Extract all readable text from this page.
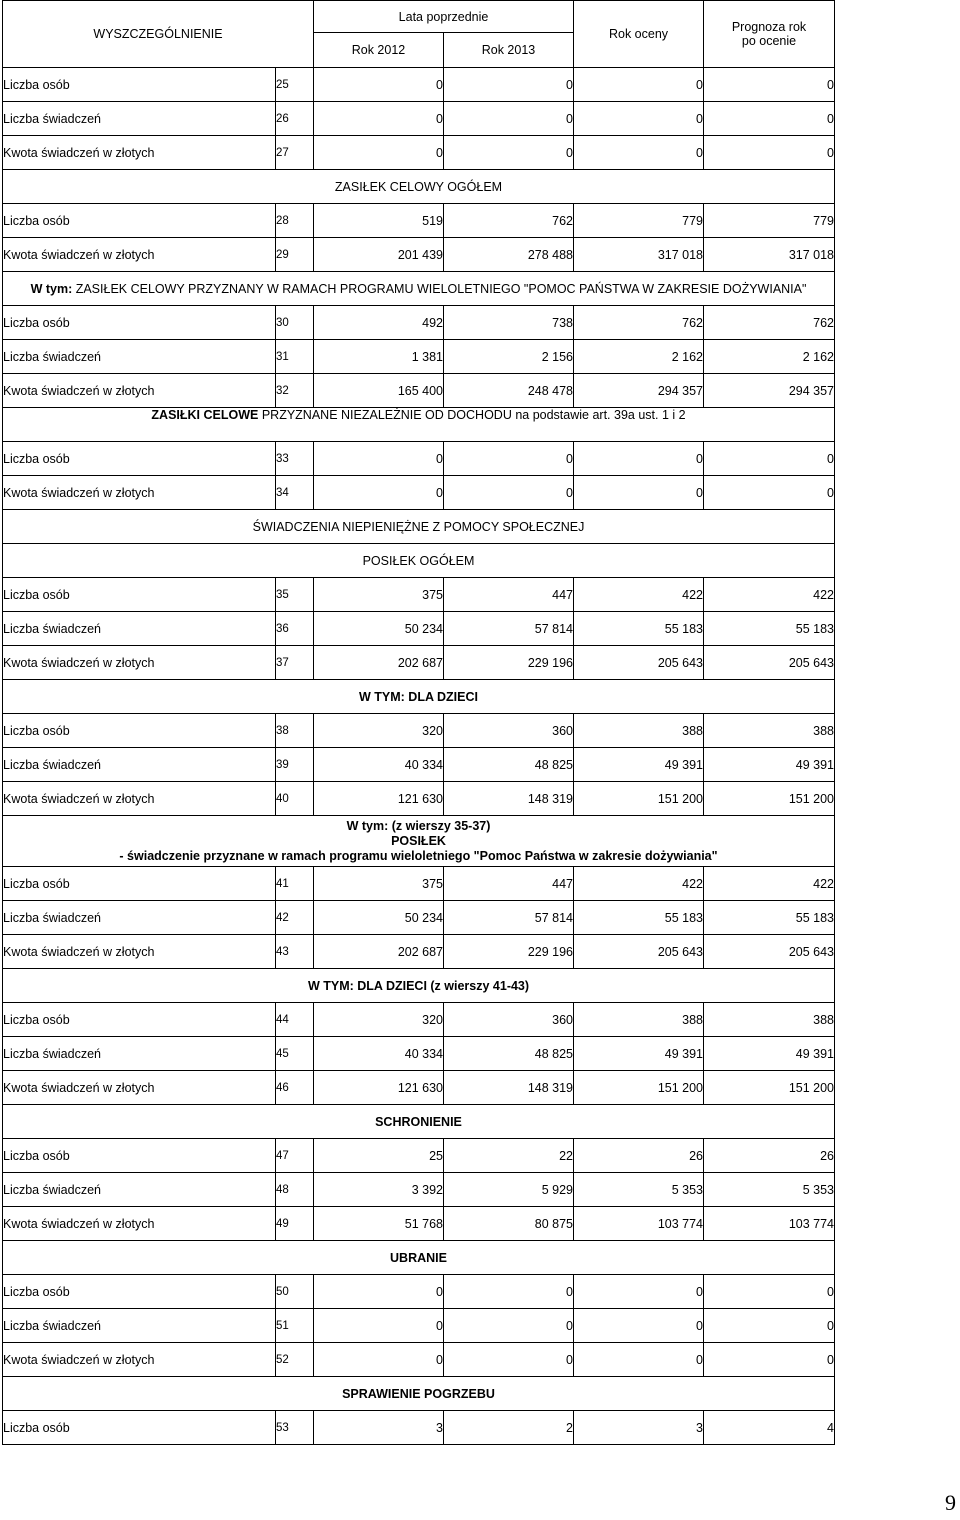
WYSZCZEGÓLNIENIE		Lata poprzednie		Rok oceny	Prognoza rok
po ocenie
		Rok 2012	Rok 2013		
Liczba osób	25	0	0	0	0
Liczba świadczeń	26	0	0	0	0
Kwota świadczeń w złotych	27	0	0	0	0
ZASIŁEK CELOWY OGÓŁEM					
Liczba osób	28	519	762	779	779
Kwota świadczeń w złotych	29	201 439	278 488	317 018	317 018
W tym: ZASIŁEK CELOWY PRZYZNANY W RAMACH PROGRAMU WIELOLETNIEGO "POMOC PAŃSTWA W ZAKRESIE DOŻYWIANIA"					
Liczba osób	30	492	738	762	762
Liczba świadczeń	31	1 381	2 156	2 162	2 162
Kwota świadczeń w złotych	32	165 400	248 478	294 357	294 357
ZASIŁKI CELOWE PRZYZNANE NIEZALEŻNIE OD DOCHODU na podstawie art. 39a ust. 1 i 2					
Liczba osób	33	0	0	0	0
Kwota świadczeń w złotych	34	0	0	0	0
ŚWIADCZENIA NIEPIENIĘŻNE Z POMOCY SPOŁECZNEJ					
POSIŁEK OGÓŁEM					
Liczba osób	35	375	447	422	422
Liczba świadczeń	36	50 234	57 814	55 183	55 183
Kwota świadczeń w złotych	37	202 687	229 196	205 643	205 643
W TYM: DLA DZIECI					
Liczba osób	38	320	360	388	388
Liczba świadczeń	39	40 334	48 825	49 391	49 391
Kwota świadczeń w złotych	40	121 630	148 319	151 200	151 200

W tym: (z wierszy 35-37)
POSIŁEK
- świadczenie przyznane w ramach programu wieloletniego "Pomoc Państwa w zakresie dożywiania"					

Liczba osób	41	375	447	422	422
Liczba świadczeń	42	50 234	57 814	55 183	55 183
Kwota świadczeń w złotych	43	202 687	229 196	205 643	205 643
W TYM: DLA DZIECI (z wierszy 41-43)					
Liczba osób	44	320	360	388	388
Liczba świadczeń	45	40 334	48 825	49 391	49 391
Kwota świadczeń w złotych	46	121 630	148 319	151 200	151 200
SCHRONIENIE					
Liczba osób	47	25	22	26	26
Liczba świadczeń	48	3 392	5 929	5 353	5 353
Kwota świadczeń w złotych	49	51 768	80 875	103 774	103 774
UBRANIE					
Liczba osób	50	0	0	0	0
Liczba świadczeń	51	0	0	0	0
Kwota świadczeń w złotych	52	0	0	0	0
SPRAWIENIE POGRZEBU					
Liczba osób	53	3	2	3	4
9
